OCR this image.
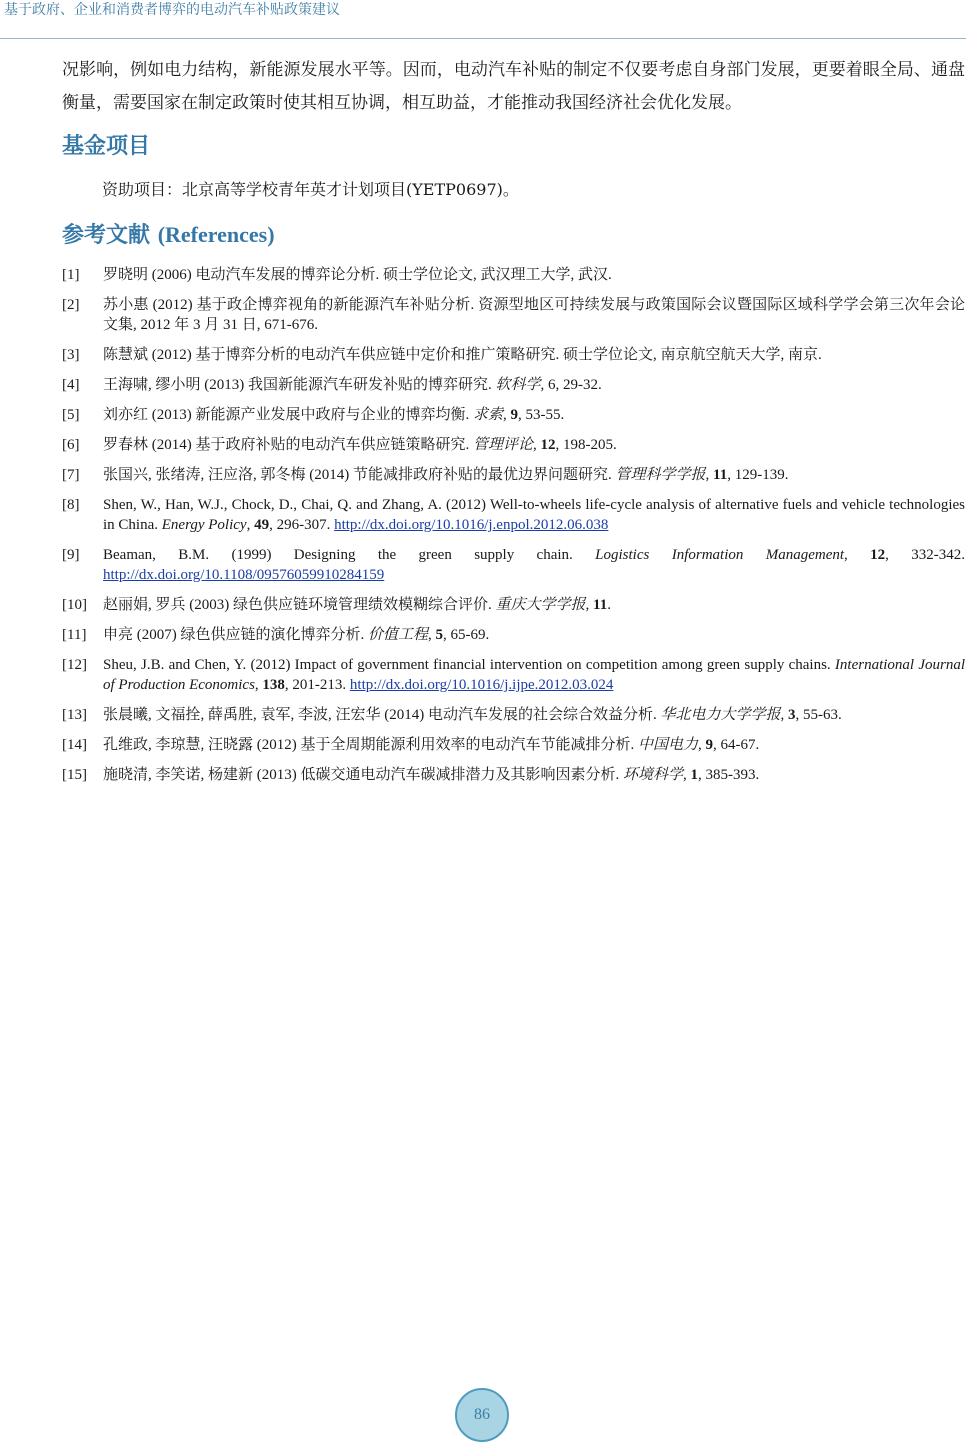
基于政府、企业和消费者博弈的电动汽车补贴政策建议

况影响，例如电力结构，新能源发展水平等。因而，电动汽车补贴的制定不仅要考虑自身部门发展，更要着眼全局、通盘衡量，需要国家在制定政策时使其相互协调，相互助益，才能推动我国经济社会优化发展。

基金项目
资助项目：北京高等学校青年英才计划项目(YETP0697)。
参考文献 (References)
[1] 罗晓明 (2006) 电动汽车发展的博弈论分析. 硕士学位论文, 武汉理工大学, 武汉.
[2] 苏小惠 (2012) 基于政企博弈视角的新能源汽车补贴分析. 资源型地区可持续发展与政策国际会议暨国际区域科学学会第三次年会论文集, 2012 年 3 月 31 日, 671-676.
[3] 陈慧斌 (2012) 基于博弈分析的电动汽车供应链中定价和推广策略研究. 硕士学位论文, 南京航空航天大学, 南京.
[4] 王海啸, 缪小明 (2013) 我国新能源汽车研发补贴的博弈研究. 软科学, 6, 29-32.
[5] 刘亦红 (2013) 新能源产业发展中政府与企业的博弈均衡. 求索, 9, 53-55.
[6] 罗春林 (2014) 基于政府补贴的电动汽车供应链策略研究. 管理评论, 12, 198-205.
[7] 张国兴, 张绪涛, 汪应洛, 郭冬梅 (2014) 节能减排政府补贴的最优边界问题研究. 管理科学学报, 11, 129-139.
[8] Shen, W., Han, W.J., Chock, D., Chai, Q. and Zhang, A. (2012) Well-to-wheels life-cycle analysis of alternative fuels and vehicle technologies in China. Energy Policy, 49, 296-307. http://dx.doi.org/10.1016/j.enpol.2012.06.038
[9] Beaman, B.M. (1999) Designing the green supply chain. Logistics Information Management, 12, 332-342. http://dx.doi.org/10.1108/09576059910284159
[10] 赵丽娟, 罗兵 (2003) 绿色供应链环境管理绩效模糊综合评价. 重庆大学学报, 11.
[11] 申亮 (2007) 绿色供应链的演化博弈分析. 价值工程, 5, 65-69.
[12] Sheu, J.B. and Chen, Y. (2012) Impact of government financial intervention on competition among green supply chains. International Journal of Production Economics, 138, 201-213. http://dx.doi.org/10.1016/j.ijpe.2012.03.024
[13] 张晨曦, 文福拴, 薛禹胜, 袁军, 李波, 汪宏华 (2014) 电动汽车发展的社会综合效益分析. 华北电力大学学报, 3, 55-63.
[14] 孔维政, 李琼慧, 汪晓露 (2012) 基于全周期能源利用效率的电动汽车节能减排分析. 中国电力, 9, 64-67.
[15] 施晓清, 李笑诺, 杨建新 (2013) 低碳交通电动汽车碳减排潜力及其影响因素分析. 环境科学, 1, 385-393.
86
